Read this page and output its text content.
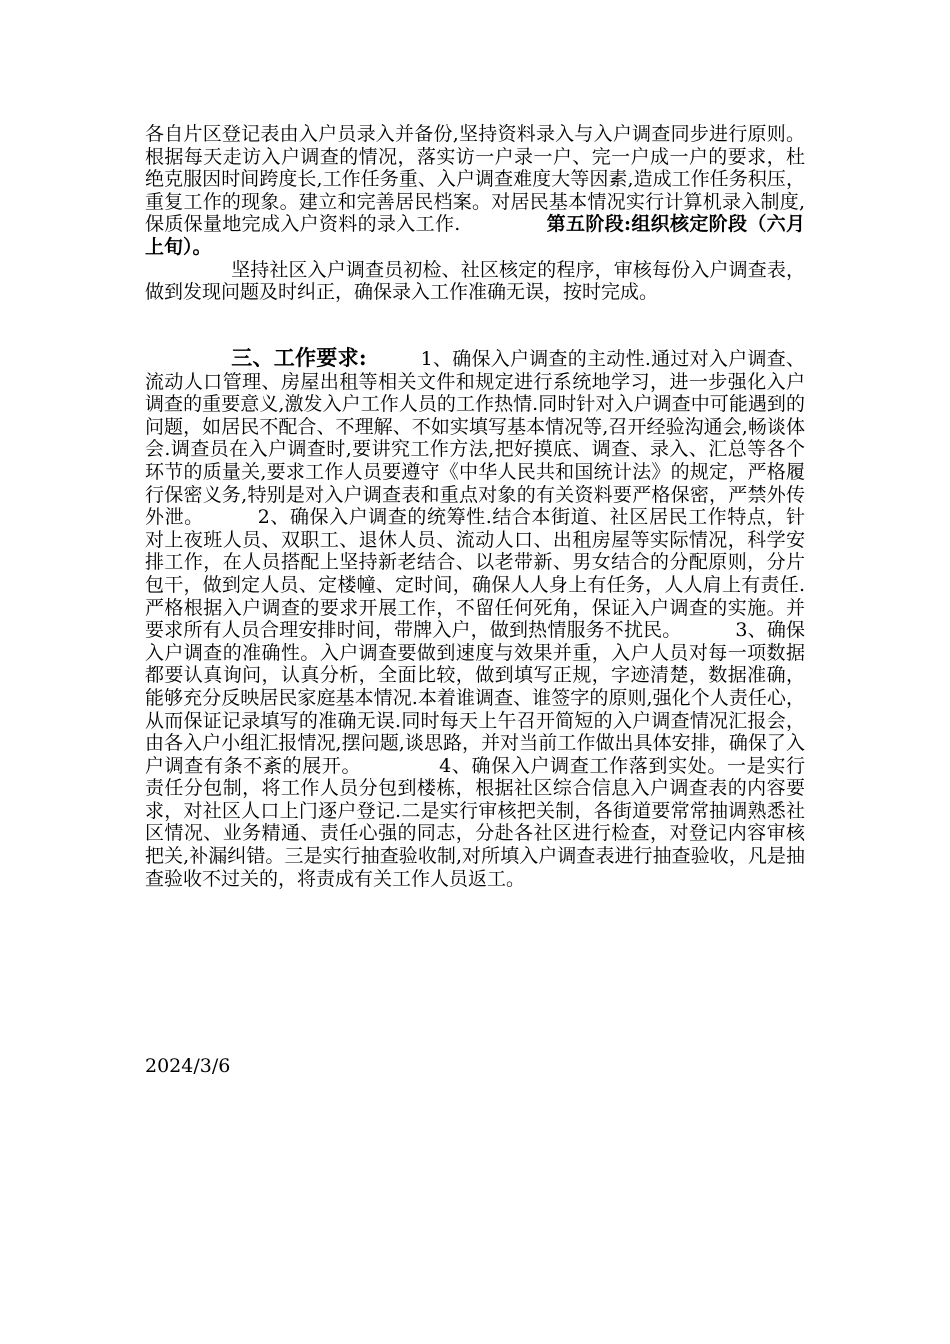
各自片区登记表由入户员录入并备份,坚持资料录入与入户调查同步进行原则。根据每天走访入户调查的情况，落实访一户录一户、完一户成一户的要求，杜绝克服因时间跨度长,工作任务重、入户调查难度大等因素,造成工作任务积压，重复工作的现象。建立和完善居民档案。对居民基本情况实行计算机录入制度,保质保量地完成入户资料的录入工作.	第五阶段:组织核定阶段（六月上旬）。
坚持社区入户调查员初检、社区核定的程序，审核每份入户调查表，做到发现问题及时纠正，确保录入工作准确无误，按时完成。
三、工作要求:	1、确保入户调查的主动性.通过对入户调查、流动人口管理、房屋出租等相关文件和规定进行系统地学习，进一步强化入户调查的重要意义,激发入户工作人员的工作热情.同时针对入户调查中可能遇到的问题，如居民不配合、不理解、不如实填写基本情况等,召开经验沟通会,畅谈体会.调查员在入户调查时,要讲究工作方法,把好摸底、调查、录入、汇总等各个环节的质量关,要求工作人员要遵守《中华人民共和国统计法》的规定，严格履行保密义务,特别是对入户调查表和重点对象的有关资料要严格保密，严禁外传外泄。	2、确保入户调查的统筹性.结合本街道、社区居民工作特点，针对上夜班人员、双职工、退休人员、流动人口、出租房屋等实际情况，科学安排工作，在人员搭配上坚持新老结合、以老带新、男女结合的分配原则，分片包干，做到定人员、定楼幢、定时间，确保人人身上有任务，人人肩上有责任.严格根据入户调查的要求开展工作，不留任何死角，保证入户调查的实施。并要求所有人员合理安排时间，带牌入户，做到热情服务不扰民。	3、确保入户调查的准确性。入户调查要做到速度与效果并重，入户人员对每一项数据都要认真询问，认真分析，全面比较，做到填写正规，字迹清楚，数据准确，能够充分反映居民家庭基本情况.本着谁调查、谁签字的原则,强化个人责任心，从而保证记录填写的准确无误.同时每天上午召开简短的入户调查情况汇报会，由各入户小组汇报情况,摆问题,谈思路，并对当前工作做出具体安排，确保了入户调查有条不紊的展开。	4、确保入户调查工作落到实处。一是实行责任分包制，将工作人员分包到楼栋，根据社区综合信息入户调查表的内容要求，对社区人口上门逐户登记.二是实行审核把关制，各街道要常常抽调熟悉社区情况、业务精通、责任心强的同志，分赴各社区进行检查，对登记内容审核把关,补漏纠错。三是实行抽查验收制,对所填入户调查表进行抽查验收，凡是抽查验收不过关的，将责成有关工作人员返工。
2024/3/6
